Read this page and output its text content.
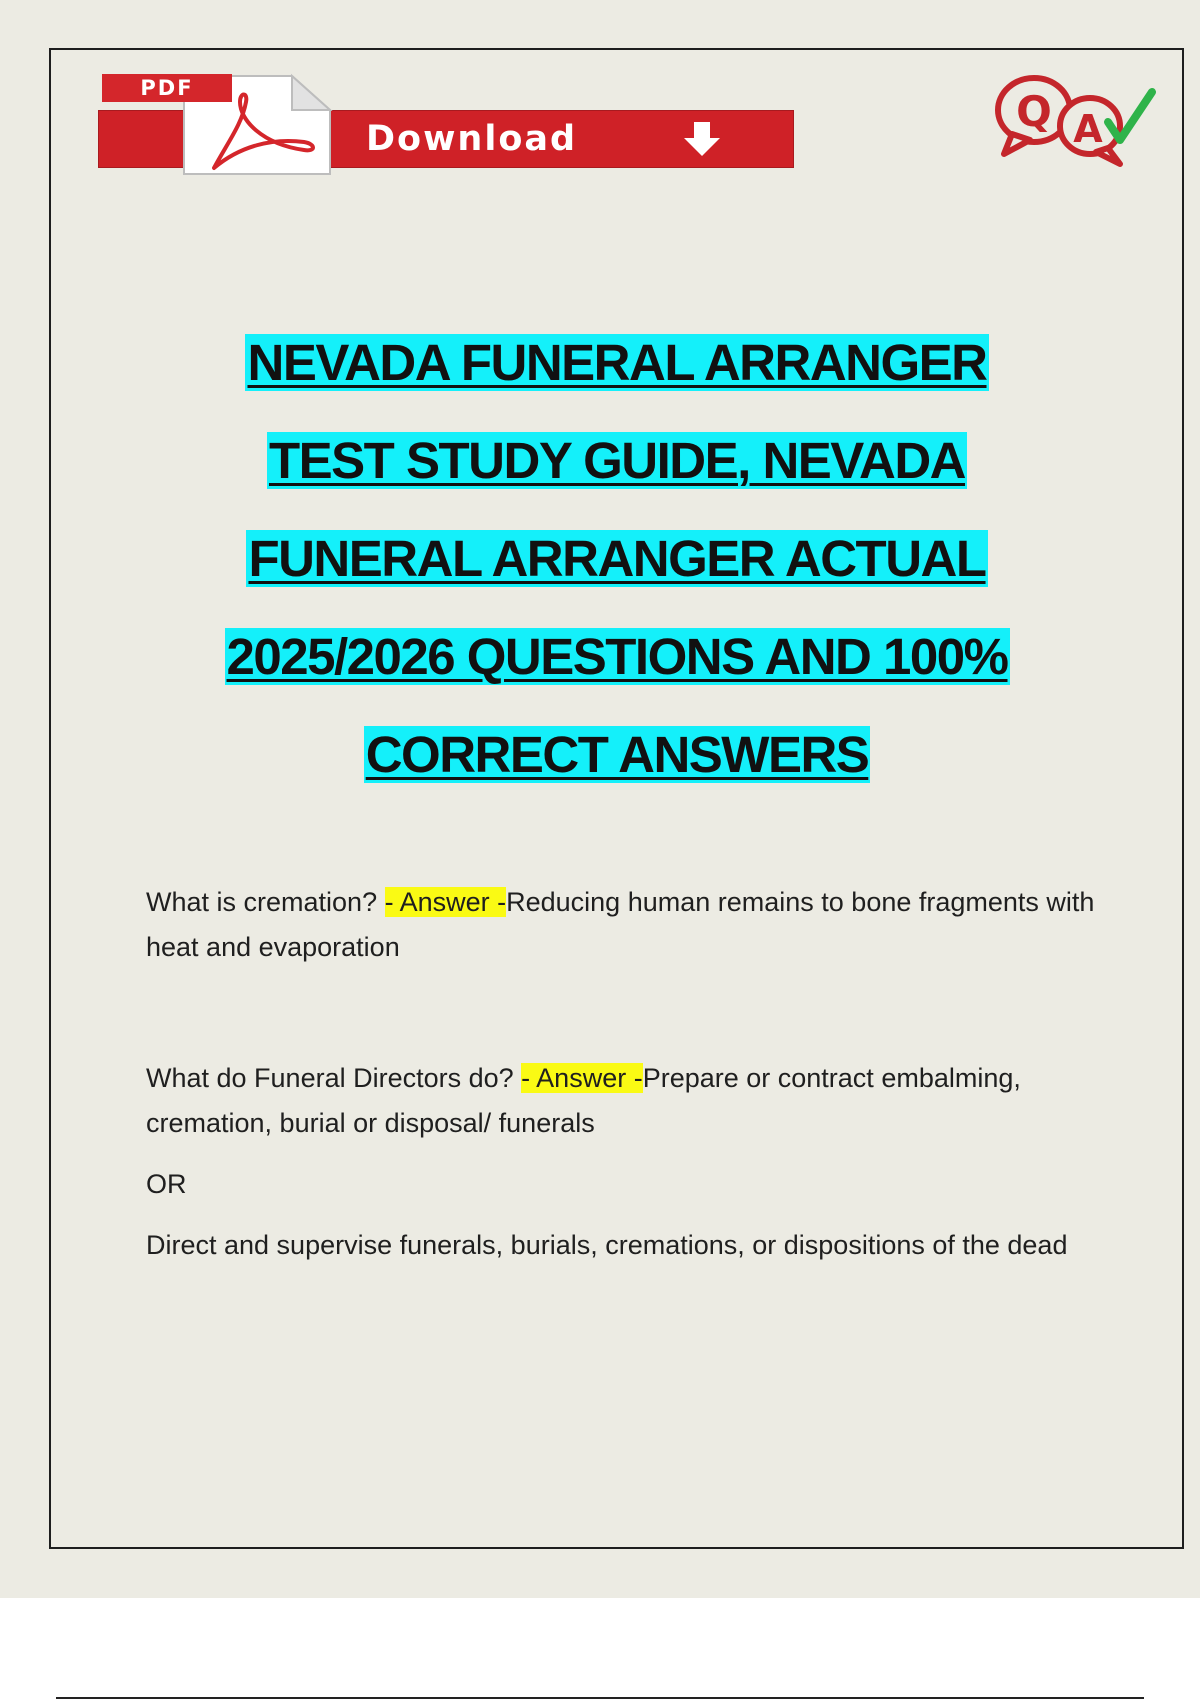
PDF
Download
Q A
NEVADA FUNERAL ARRANGER
TEST STUDY GUIDE, NEVADA
FUNERAL ARRANGER ACTUAL
2025/2026 QUESTIONS AND 100%
CORRECT ANSWERS

What is cremation? - Answer -Reducing human remains to bone fragments with heat and evaporation

What do Funeral Directors do? - Answer -Prepare or contract embalming, cremation, burial or disposal/ funerals

OR

Direct and supervise funerals, burials, cremations, or dispositions of the dead
